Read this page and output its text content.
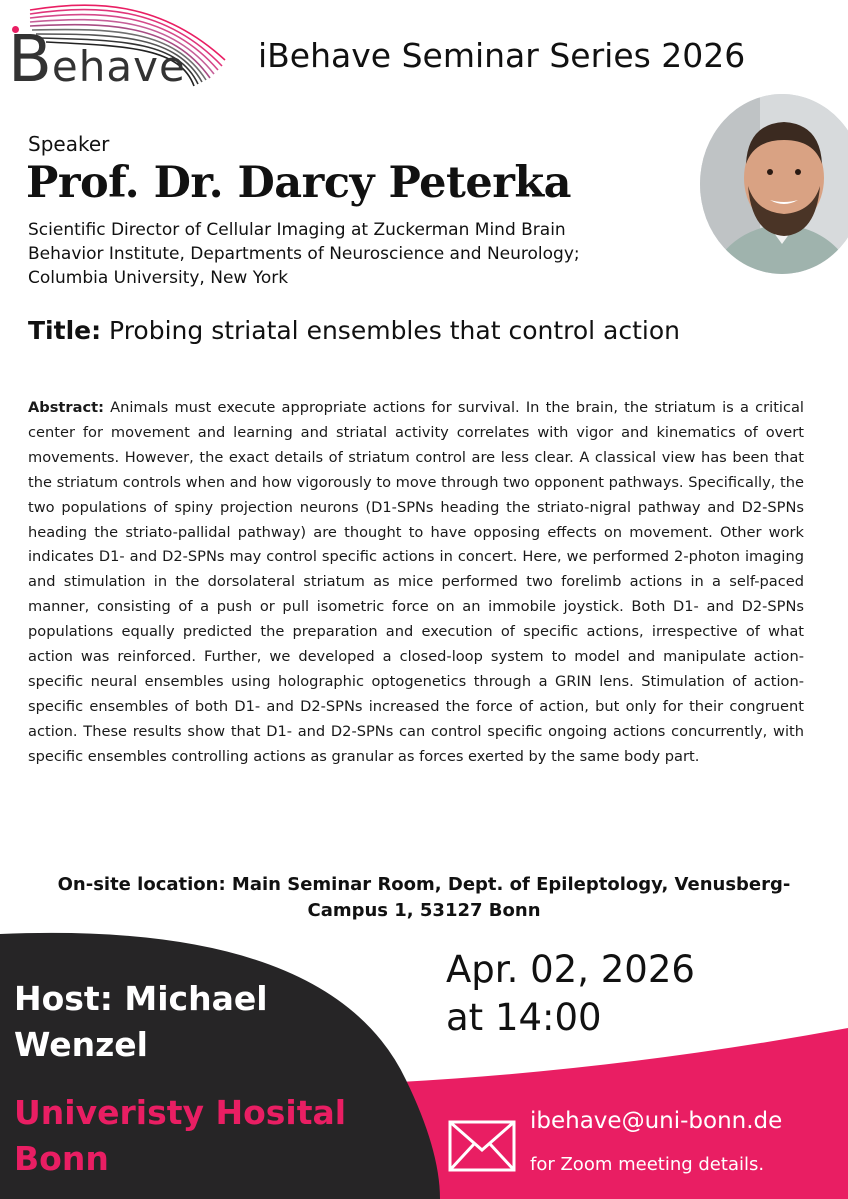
Behave iBehave Seminar Series 2026
Speaker
Prof. Dr. Darcy Peterka
Scientific Director of Cellular Imaging at Zuckerman Mind Brain
Behavior Institute, Departments of Neuroscience and Neurology;
Columbia University, New York
Title: Probing striatal ensembles that control action
Abstract: Animals must execute appropriate actions for survival. In the brain, the striatum is a critical center for movement and learning and striatal activity correlates with vigor and kinematics of overt movements. However, the exact details of striatum control are less clear. A classical view has been that the striatum controls when and how vigorously to move through two opponent pathways. Specifically, the two populations of spiny projection neurons (D1-SPNs heading the striato-nigral pathway and D2-SPNs heading the striato-pallidal pathway) are thought to have opposing effects on movement. Other work indicates D1- and D2-SPNs may control specific actions in concert. Here, we performed 2-photon imaging and stimulation in the dorsolateral striatum as mice performed two forelimb actions in a self-paced manner, consisting of a push or pull isometric force on an immobile joystick. Both D1- and D2-SPNs populations equally predicted the preparation and execution of specific actions, irrespective of what action was reinforced. Further, we developed a closed-loop system to model and manipulate action-specific neural ensembles using holographic optogenetics through a GRIN lens. Stimulation of action-specific ensembles of both D1- and D2-SPNs increased the force of action, but only for their congruent action. These results show that D1- and D2-SPNs can control specific ongoing actions concurrently, with specific ensembles controlling actions as granular as forces exerted by the same body part.
On-site location: Main Seminar Room, Dept. of Epileptology, Venusberg-
Campus 1, 53127 Bonn
Apr. 02, 2026
at 14:00
Host: Michael
Wenzel
Univeristy Hosital
Bonn
ibehave@uni-bonn.de
for Zoom meeting details.
